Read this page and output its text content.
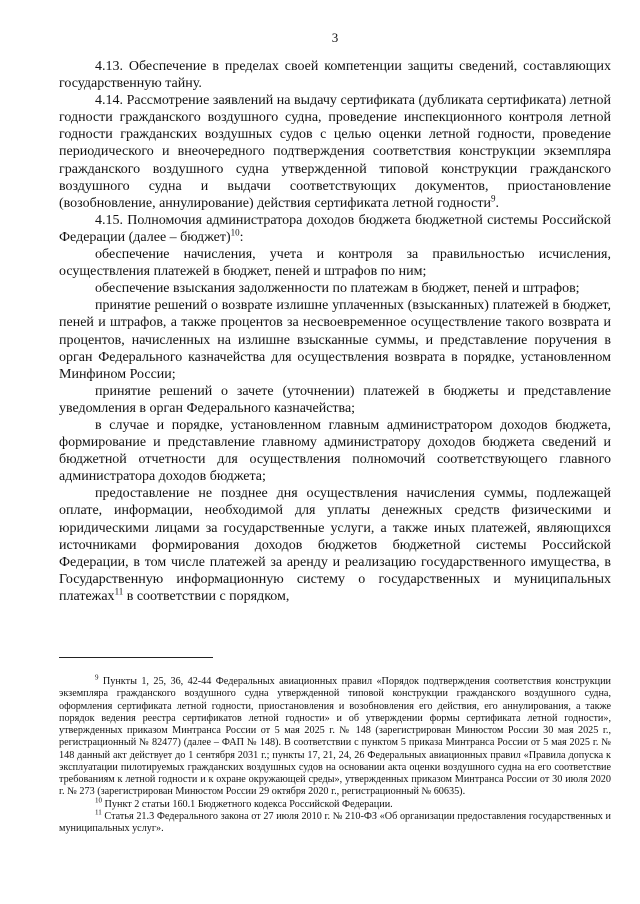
3

4.13. Обеспечение в пределах своей компетенции защиты сведений, составляющих государственную тайну.

4.14. Рассмотрение заявлений на выдачу сертификата (дубликата сертификата) летной годности гражданского воздушного судна, проведение инспекционного контроля летной годности гражданских воздушных судов с целью оценки летной годности, проведение периодического и внеочередного подтверждения соответствия конструкции экземпляра гражданского воздушного судна утвержденной типовой конструкции гражданского воздушного судна и выдачи соответствующих документов, приостановление (возобновление, аннулирование) действия сертификата летной годности$^9$.

4.15. Полномочия администратора доходов бюджета бюджетной системы Российской Федерации (далее – бюджет)$^{10}$:

обеспечение начисления, учета и контроля за правильностью исчисления, осуществления платежей в бюджет, пеней и штрафов по ним;

обеспечение взыскания задолженности по платежам в бюджет, пеней и штрафов;

принятие решений о возврате излишне уплаченных (взысканных) платежей в бюджет, пеней и штрафов, а также процентов за несвоевременное осуществление такого возврата и процентов, начисленных на излишне взысканные суммы, и представление поручения в орган Федерального казначейства для осуществления возврата в порядке, установленном Минфином России;

принятие решений о зачете (уточнении) платежей в бюджеты и представление уведомления в орган Федерального казначейства;

в случае и порядке, установленном главным администратором доходов бюджета, формирование и представление главному администратору доходов бюджета сведений и бюджетной отчетности для осуществления полномочий соответствующего главного администратора доходов бюджета;

предоставление не позднее дня осуществления начисления суммы, подлежащей оплате, информации, необходимой для уплаты денежных средств физическими и юридическими лицами за государственные услуги, а также иных платежей, являющихся источниками формирования доходов бюджетов бюджетной системы Российской Федерации, в том числе платежей за аренду и реализацию государственного имущества, в Государственную информационную систему о государственных и муниципальных платежах$^{11}$ в соответствии с порядком,

$^9$ Пункты 1, 25, 36, 42-44 Федеральных авиационных правил «Порядок подтверждения соответствия конструкции экземпляра гражданского воздушного судна утвержденной типовой конструкции гражданского воздушного судна, оформления сертификата летной годности, приостановления и возобновления его действия, его аннулирования, а также порядок ведения реестра сертификатов летной годности» и об утверждении формы сертификата летной годности», утвержденных приказом Минтранса России от 5 мая 2025 г. № 148 (зарегистрирован Минюстом России 30 мая 2025 г., регистрационный № 82477) (далее – ФАП № 148). В соответствии с пунктом 5 приказа Минтранса России от 5 мая 2025 г. № 148 данный акт действует до 1 сентября 2031 г.; пункты 17, 21, 24, 26 Федеральных авиационных правил «Правила допуска к эксплуатации пилотируемых гражданских воздушных судов на основании акта оценки воздушного судна на его соответствие требованиям к летной годности и к охране окружающей среды», утвержденных приказом Минтранса России от 30 июля 2020 г. № 273 (зарегистрирован Минюстом России 29 октября 2020 г., регистрационный № 60635).

$^{10}$ Пункт 2 статьи 160.1 Бюджетного кодекса Российской Федерации.

$^{11}$ Статья 21.3 Федерального закона от 27 июля 2010 г. № 210-ФЗ «Об организации предоставления государственных и муниципальных услуг».
